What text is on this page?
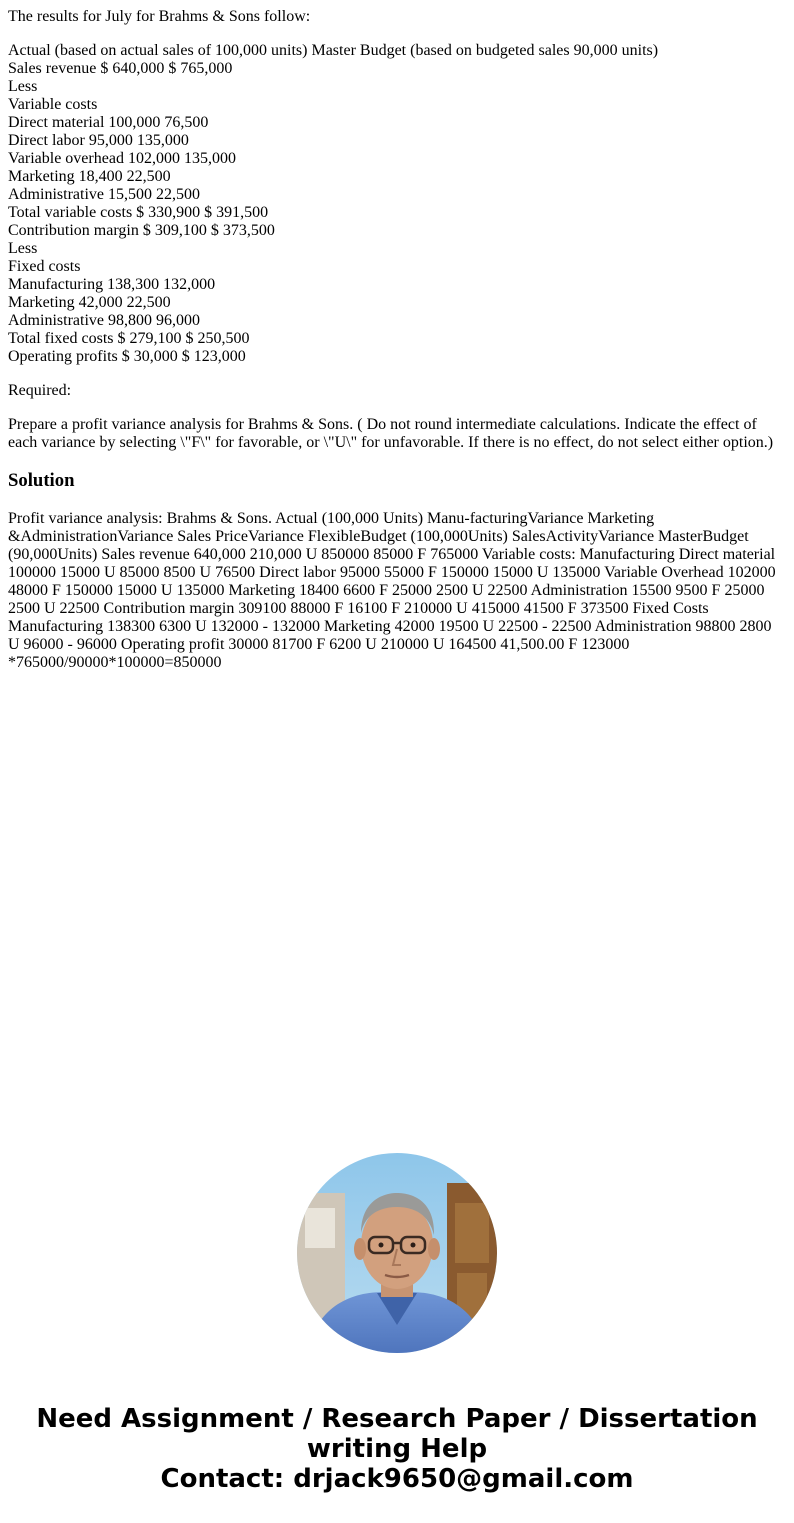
The results for July for Brahms & Sons follow:

Actual (based on actual sales of 100,000 units) Master Budget (based on budgeted sales 90,000 units)
Sales revenue $ 640,000 $ 765,000
Less
Variable costs
Direct material 100,000 76,500
Direct labor 95,000 135,000
Variable overhead 102,000 135,000
Marketing 18,400 22,500
Administrative 15,500 22,500
Total variable costs $ 330,900 $ 391,500
Contribution margin $ 309,100 $ 373,500
Less
Fixed costs
Manufacturing 138,300 132,000
Marketing 42,000 22,500
Administrative 98,800 96,000
Total fixed costs $ 279,100 $ 250,500
Operating profits $ 30,000 $ 123,000

Required:

Prepare a profit variance analysis for Brahms & Sons. ( Do not round intermediate calculations. Indicate the effect of each variance by selecting \"F\" for favorable, or \"U\" for unfavorable. If there is no effect, do not select either option.)

Solution

Profit variance analysis: Brahms & Sons. Actual (100,000 Units) Manu-facturingVariance Marketing &AdministrationVariance Sales PriceVariance FlexibleBudget (100,000Units) SalesActivityVariance MasterBudget (90,000Units) Sales revenue 640,000 210,000 U 850000 85000 F 765000 Variable costs: Manufacturing Direct material 100000 15000 U 85000 8500 U 76500 Direct labor 95000 55000 F 150000 15000 U 135000 Variable Overhead 102000 48000 F 150000 15000 U 135000 Marketing 18400 6600 F 25000 2500 U 22500 Administration 15500 9500 F 25000 2500 U 22500 Contribution margin 309100 88000 F 16100 F 210000 U 415000 41500 F 373500 Fixed Costs Manufacturing 138300 6300 U 132000 - 132000 Marketing 42000 19500 U 22500 - 22500 Administration 98800 2800 U 96000 - 96000 Operating profit 30000 81700 F 6200 U 210000 U 164500 41,500.00 F 123000 *765000/90000*100000=850000

Need Assignment / Research Paper / Dissertation
writing Help
Contact: drjack9650@gmail.com
